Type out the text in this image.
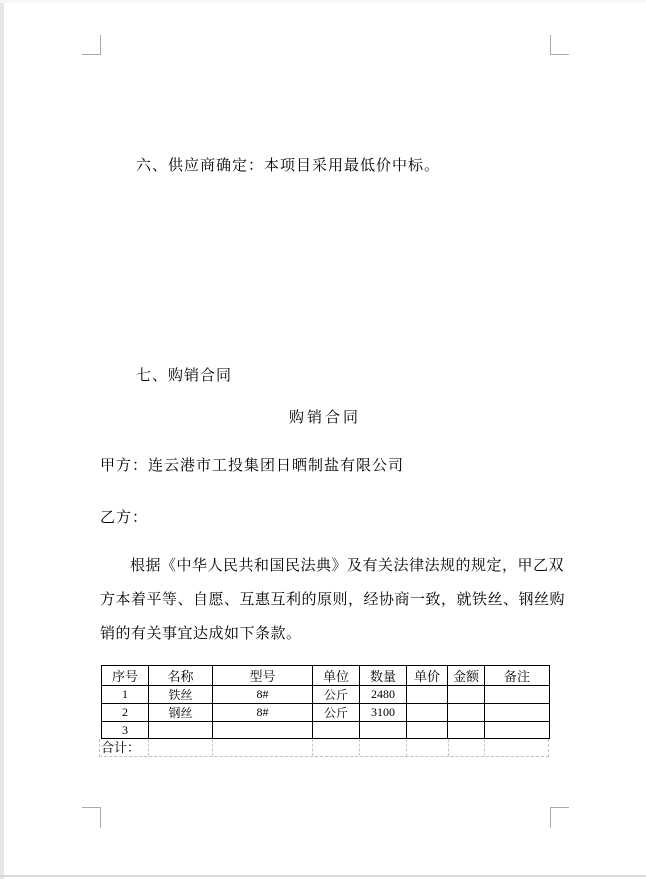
六、供应商确定：本项目采用最低价中标。
七、购销合同
购销合同
甲方：连云港市工投集团日晒制盐有限公司
乙方：
根据《中华人民共和国民法典》及有关法律法规的规定，甲乙双
方本着平等、自愿、互惠互利的原则，经协商一致，就铁丝、钢丝购
销的有关事宜达成如下条款。
序号	名称	型号	单位	数量	单价	金额	备注
1	铁丝	8#	公斤	2480			
2	钢丝	8#	公斤	3100			
3							
合计：
